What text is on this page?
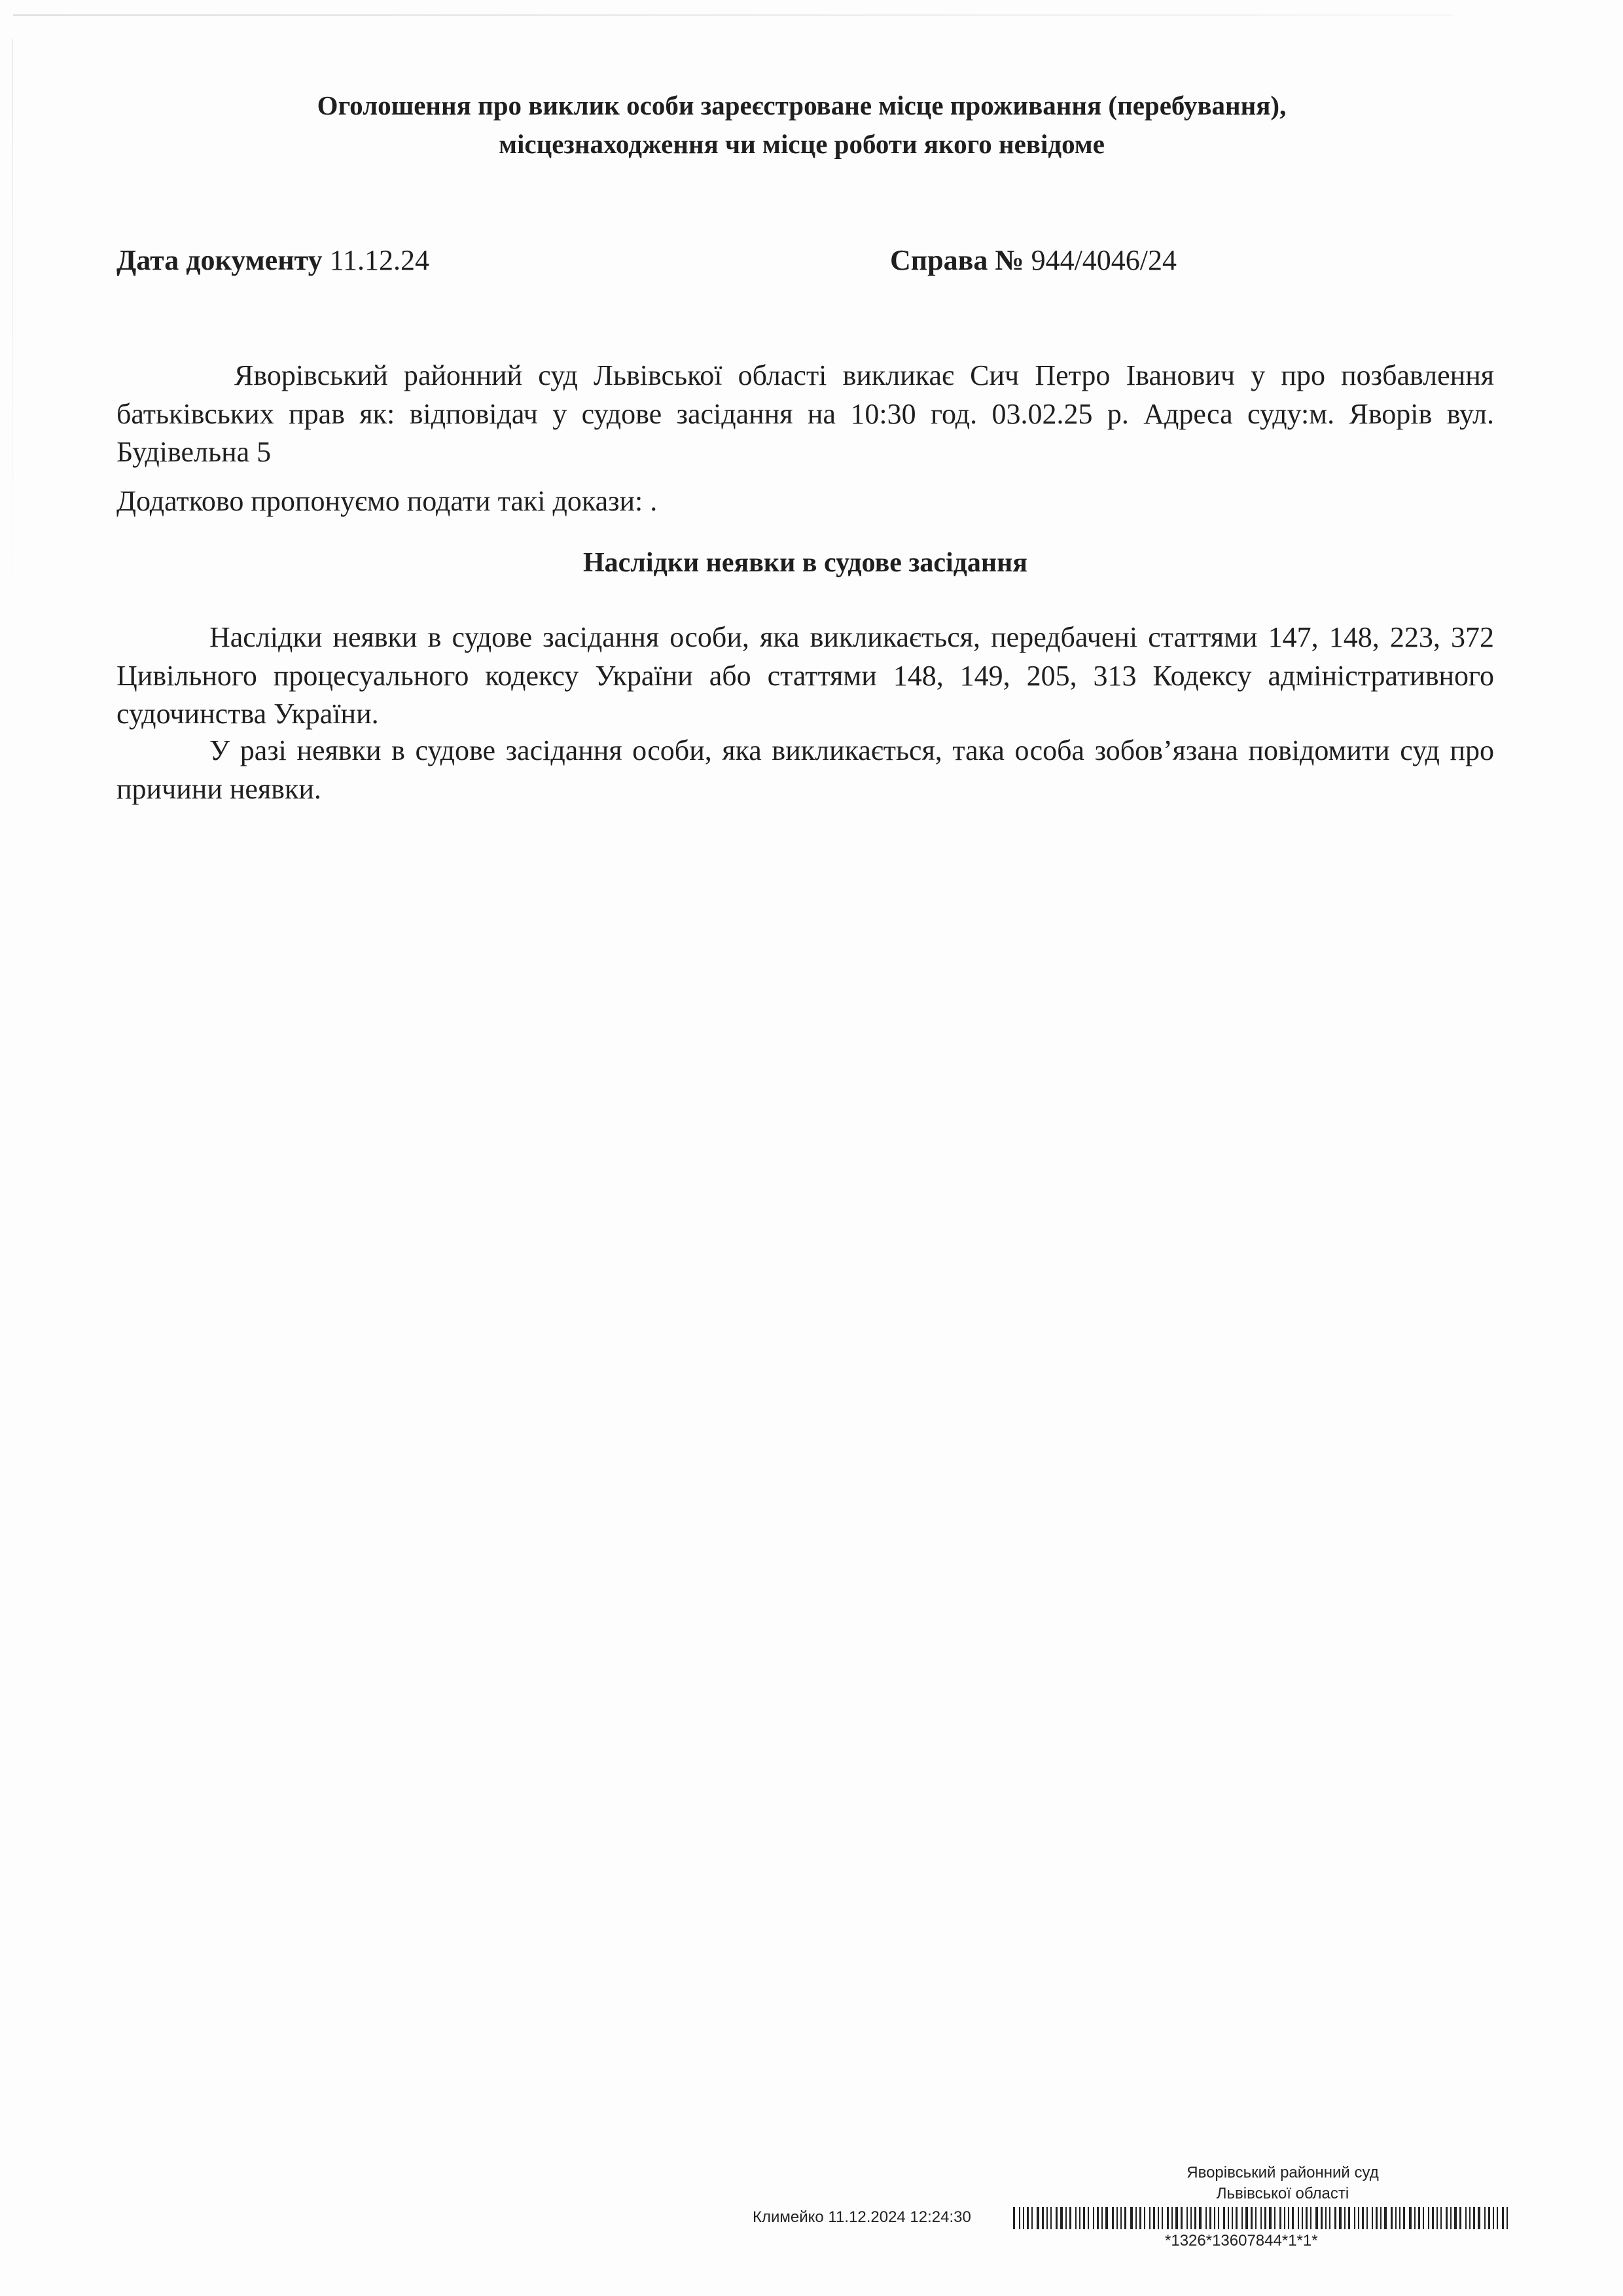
Оголошення про виклик особи зареєстроване місце проживання (перебування),
місцезнаходження чи місце роботи якого невідоме
Дата документу 11.12.24	Справа № 944/4046/24
Яворівський районний суд Львівської області викликає Сич Петро Іванович у про позбавлення батьківських прав як: відповідач у судове засідання на 10:30 год. 03.02.25 р. Адреса суду:м. Яворів вул. Будівельна 5
Додатково пропонуємо подати такі докази: .
Наслідки неявки в судове засідання
Наслідки неявки в судове засідання особи, яка викликається, передбачені статтями 147, 148, 223, 372 Цивільного процесуального кодексу України або статтями 148, 149, 205, 313 Кодексу адміністративного судочинства України.
У разі неявки в судове засідання особи, яка викликається, така особа зобов’язана повідомити суд про причини неявки.
Яворівський районний суд
Львівської області
Климейко 11.12.2024 12:24:30
*1326*13607844*1*1*
